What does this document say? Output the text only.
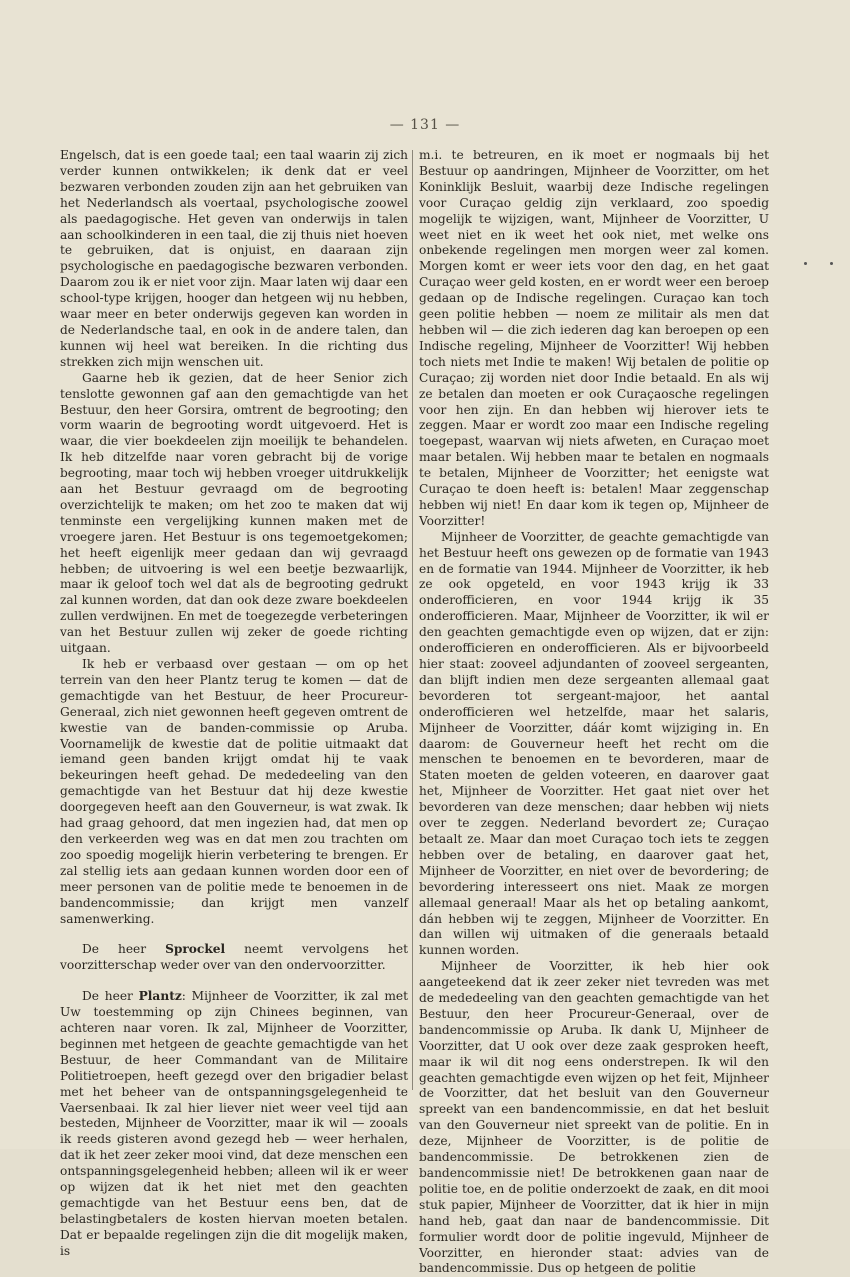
— 131 —

Engelsch, dat is een goede taal; een taal waarin zij zich verder kunnen ontwikkelen; ik denk dat er veel bezwaren verbonden zouden zijn aan het gebruiken van het Nederlandsch als voertaal, psychologische zoowel als paedagogische. Het geven van onderwijs in talen aan schoolkinderen in een taal, die zij thuis niet hoeven te gebruiken, dat is onjuist, en daaraan zijn psychologische en paedagogische bezwaren verbonden. Daarom zou ik er niet voor zijn. Maar laten wij daar een school-type krijgen, hooger dan hetgeen wij nu hebben, waar meer en beter onderwijs gegeven kan worden in de Nederlandsche taal, en ook in de andere talen, dan kunnen wij heel wat bereiken. In die richting dus strekken zich mijn wenschen uit.

Gaarne heb ik gezien, dat de heer Senior zich tenslotte gewonnen gaf aan den gemachtigde van het Bestuur, den heer Gorsira, omtrent de begrooting; den vorm waarin de begrooting wordt uitgevoerd. Het is waar, die vier boekdeelen zijn moeilijk te behandelen. Ik heb ditzelfde naar voren gebracht bij de vorige begrooting, maar toch wij hebben vroeger uitdrukkelijk aan het Bestuur gevraagd om de begrooting overzichtelijk te maken; om het zoo te maken dat wij tenminste een vergelijking kunnen maken met de vroegere jaren. Het Bestuur is ons tegemoetgekomen; het heeft eigenlijk meer gedaan dan wij gevraagd hebben; de uitvoering is wel een beetje bezwaarlijk, maar ik geloof toch wel dat als de begrooting gedrukt zal kunnen worden, dat dan ook deze zware boekdeelen zullen verdwijnen. En met de toegezegde verbeteringen van het Bestuur zullen wij zeker de goede richting uitgaan.

Ik heb er verbaasd over gestaan — om op het terrein van den heer Plantz terug te komen — dat de gemachtigde van het Bestuur, de heer Procureur-Generaal, zich niet gewonnen heeft gegeven omtrent de kwestie van de banden-commissie op Aruba. Voornamelijk de kwestie dat de politie uitmaakt dat iemand geen banden krijgt omdat hij te vaak bekeuringen heeft gehad. De mededeeling van den gemachtigde van het Bestuur dat hij deze kwestie doorgegeven heeft aan den Gouverneur, is wat zwak. Ik had graag gehoord, dat men ingezien had, dat men op den verkeerden weg was en dat men zou trachten om zoo spoedig mogelijk hierin verbetering te brengen. Er zal stellig iets aan gedaan kunnen worden door een of meer personen van de politie mede te benoemen in de bandencommissie; dan krijgt men vanzelf samenwerking.

De heer Sprockel neemt vervolgens het voorzitterschap weder over van den ondervoorzitter.

De heer Plantz: Mijnheer de Voorzitter, ik zal met Uw toestemming op zijn Chinees beginnen, van achteren naar voren. Ik zal, Mijnheer de Voorzitter, beginnen met hetgeen de geachte gemachtigde van het Bestuur, de heer Commandant van de Militaire Politietroepen, heeft gezegd over den brigadier belast met het beheer van de ontspanningsgelegenheid te Vaersenbaai. Ik zal hier liever niet weer veel tijd aan besteden, Mijnheer de Voorzitter, maar ik wil — zooals ik reeds gisteren avond gezegd heb — weer herhalen, dat ik het zeer zeker mooi vind, dat deze menschen een ontspanningsgelegenheid hebben; alleen wil ik er weer op wijzen dat ik het niet met den geachten gemachtigde van het Bestuur eens ben, dat de belastingbetalers de kosten hiervan moeten betalen. Dat er bepaalde regelingen zijn die dit mogelijk maken, is

m.i. te betreuren, en ik moet er nogmaals bij het Bestuur op aandringen, Mijnheer de Voorzitter, om het Koninklijk Besluit, waarbij deze Indische regelingen voor Curaçao geldig zijn verklaard, zoo spoedig mogelijk te wijzigen, want, Mijnheer de Voorzitter, U weet niet en ik weet het ook niet, met welke ons onbekende regelingen men morgen weer zal komen. Morgen komt er weer iets voor den dag, en het gaat Curaçao weer geld kosten, en er wordt weer een beroep gedaan op de Indische regelingen. Curaçao kan toch geen politie hebben — noem ze militair als men dat hebben wil — die zich iederen dag kan beroepen op een Indische regeling, Mijnheer de Voorzitter! Wij hebben toch niets met Indie te maken! Wij betalen de politie op Curaçao; zij worden niet door Indie betaald. En als wij ze betalen dan moeten er ook Curaçaosche regelingen voor hen zijn. En dan hebben wij hierover iets te zeggen. Maar er wordt zoo maar een Indische regeling toegepast, waarvan wij niets afweten, en Curaçao moet maar betalen. Wij hebben maar te betalen en nogmaals te betalen, Mijnheer de Voorzitter; het eenigste wat Curaçao te doen heeft is: betalen! Maar zeggenschap hebben wij niet! En daar kom ik tegen op, Mijnheer de Voorzitter!

Mijnheer de Voorzitter, de geachte gemachtigde van het Bestuur heeft ons gewezen op de formatie van 1943 en de formatie van 1944. Mijnheer de Voorzitter, ik heb ze ook opgeteld, en voor 1943 krijg ik 33 onderofficieren, en voor 1944 krijg ik 35 onderofficieren. Maar, Mijnheer de Voorzitter, ik wil er den geachten gemachtigde even op wijzen, dat er zijn: onderofficieren en onderofficieren. Als er bijvoorbeeld hier staat: zooveel adjundanten of zooveel sergeanten, dan blijft indien men deze sergeanten allemaal gaat bevorderen tot sergeant-majoor, het aantal onderofficieren wel hetzelfde, maar het salaris, Mijnheer de Voorzitter, dáár komt wijziging in. En daarom: de Gouverneur heeft het recht om die menschen te benoemen en te bevorderen, maar de Staten moeten de gelden voteeren, en daarover gaat het, Mijnheer de Voorzitter. Het gaat niet over het bevorderen van deze menschen; daar hebben wij niets over te zeggen. Nederland bevordert ze; Curaçao betaalt ze. Maar dan moet Curaçao toch iets te zeggen hebben over de betaling, en daarover gaat het, Mijnheer de Voorzitter, en niet over de bevordering; de bevordering interesseert ons niet. Maak ze morgen allemaal generaal! Maar als het op betaling aankomt, dán hebben wij te zeggen, Mijnheer de Voorzitter. En dan willen wij uitmaken of die generaals betaald kunnen worden.

Mijnheer de Voorzitter, ik heb hier ook aangeteekend dat ik zeer zeker niet tevreden was met de mededeeling van den geachten gemachtigde van het Bestuur, den heer Procureur-Generaal, over de bandencommissie op Aruba. Ik dank U, Mijnheer de Voorzitter, dat U ook over deze zaak gesproken heeft, maar ik wil dit nog eens onderstrepen. Ik wil den geachten gemachtigde even wijzen op het feit, Mijnheer de Voorzitter, dat het besluit van den Gouverneur spreekt van een bandencommissie, en dat het besluit van den Gouverneur niet spreekt van de politie. En in deze, Mijnheer de Voorzitter, is de politie de bandencommissie. De betrokkenen zien de bandencommissie niet! De betrokkenen gaan naar de politie toe, en de politie onderzoekt de zaak, en dit mooi stuk papier, Mijnheer de Voorzitter, dat ik hier in mijn hand heb, gaat dan naar de bandencommissie. Dit formulier wordt door de politie ingevuld, Mijnheer de Voorzitter, en hieronder staat: advies van de bandencommissie. Dus op hetgeen de politie
